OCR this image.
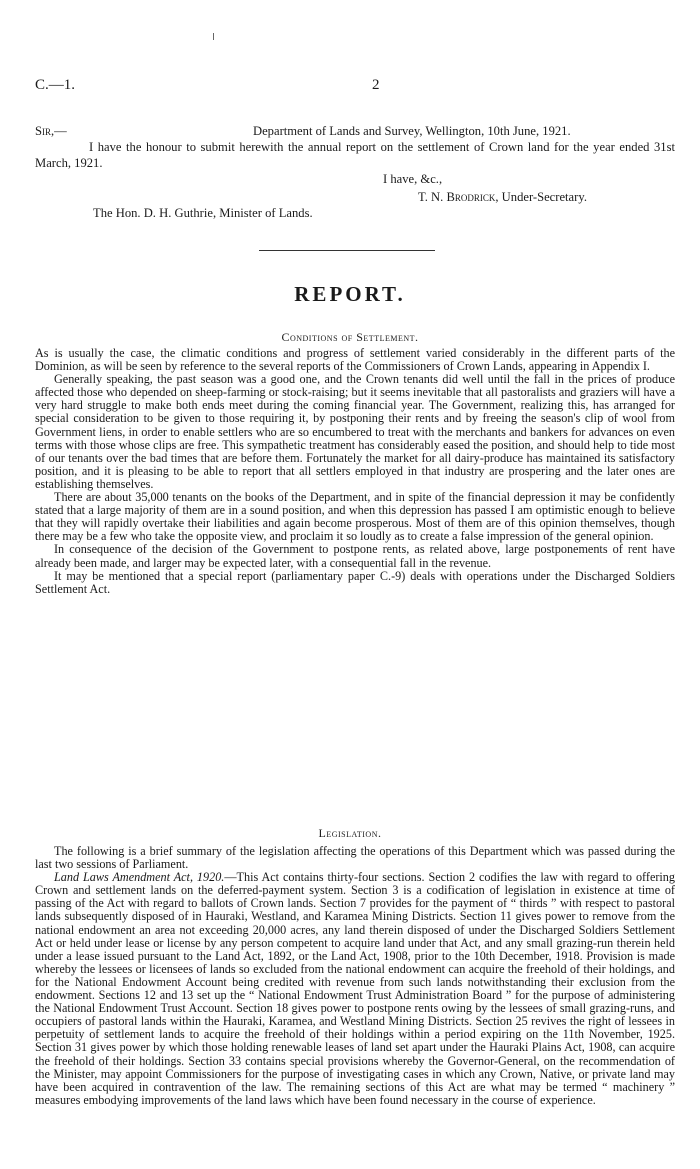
C.—1.	2
Sir,—	Department of Lands and Survey, Wellington, 10th June, 1921.

I have the honour to submit herewith the annual report on the settlement of Crown land for the year ended 31st March, 1921.

I have, &c.,
T. N. Brodrick, Under-Secretary.
The Hon. D. H. Guthrie, Minister of Lands.
REPORT.
Conditions of Settlement.

As is usually the case, the climatic conditions and progress of settlement varied considerably in the different parts of the Dominion, as will be seen by reference to the several reports of the Commissioners of Crown Lands, appearing in Appendix I.

Generally speaking, the past season was a good one, and the Crown tenants did well until the fall in the prices of produce affected those who depended on sheep-farming or stock-raising; but it seems inevitable that all pastoralists and graziers will have a very hard struggle to make both ends meet during the coming financial year. The Government, realizing this, has arranged for special consideration to be given to those requiring it, by postponing their rents and by freeing the season's clip of wool from Government liens, in order to enable settlers who are so encumbered to treat with the merchants and bankers for advances on even terms with those whose clips are free. This sympathetic treatment has considerably eased the position, and should help to tide most of our tenants over the bad times that are before them. Fortunately the market for all dairy-produce has maintained its satisfactory position, and it is pleasing to be able to report that all settlers employed in that industry are prospering and the later ones are establishing themselves.

There are about 35,000 tenants on the books of the Department, and in spite of the financial depression it may be confidently stated that a large majority of them are in a sound position, and when this depression has passed I am optimistic enough to believe that they will rapidly overtake their liabilities and again become prosperous. Most of them are of this opinion themselves, though there may be a few who take the opposite view, and proclaim it so loudly as to create a false impression of the general opinion.

In consequence of the decision of the Government to postpone rents, as related above, large postponements of rent have already been made, and larger may be expected later, with a consequential fall in the revenue.

It may be mentioned that a special report (parliamentary paper C.-9) deals with operations under the Discharged Soldiers Settlement Act.

Legislation.

The following is a brief summary of the legislation affecting the operations of this Department which was passed during the last two sessions of Parliament.

Land Laws Amendment Act, 1920.—This Act contains thirty-four sections. Section 2 codifies the law with regard to offering Crown and settlement lands on the deferred-payment system. Section 3 is a codification of legislation in existence at time of passing of the Act with regard to ballots of Crown lands. Section 7 provides for the payment of “ thirds ” with respect to pastoral lands subsequently disposed of in Hauraki, Westland, and Karamea Mining Districts. Section 11 gives power to remove from the national endowment an area not exceeding 20,000 acres, any land therein disposed of under the Discharged Soldiers Settlement Act or held under lease or license by any person competent to acquire land under that Act, and any small grazing-run therein held under a lease issued pursuant to the Land Act, 1892, or the Land Act, 1908, prior to the 10th December, 1918. Provision is made whereby the lessees or licensees of lands so excluded from the national endowment can acquire the freehold of their holdings, and for the National Endowment Account being credited with revenue from such lands notwithstanding their exclusion from the endowment. Sections 12 and 13 set up the “ National Endowment Trust Administration Board ” for the purpose of administering the National Endowment Trust Account. Section 18 gives power to postpone rents owing by the lessees of small grazing-runs, and occupiers of pastoral lands within the Hauraki, Karamea, and Westland Mining Districts. Section 25 revives the right of lessees in perpetuity of settlement lands to acquire the freehold of their holdings within a period expiring on the 11th November, 1925. Section 31 gives power by which those holding renewable leases of land set apart under the Hauraki Plains Act, 1908, can acquire the freehold of their holdings. Section 33 contains special provisions whereby the Governor-General, on the recommendation of the Minister, may appoint Commissioners for the purpose of investigating cases in which any Crown, Native, or private land may have been acquired in contravention of the law. The remaining sections of this Act are what may be termed “ machinery ” measures embodying improvements of the land laws which have been found necessary in the course of experience.
